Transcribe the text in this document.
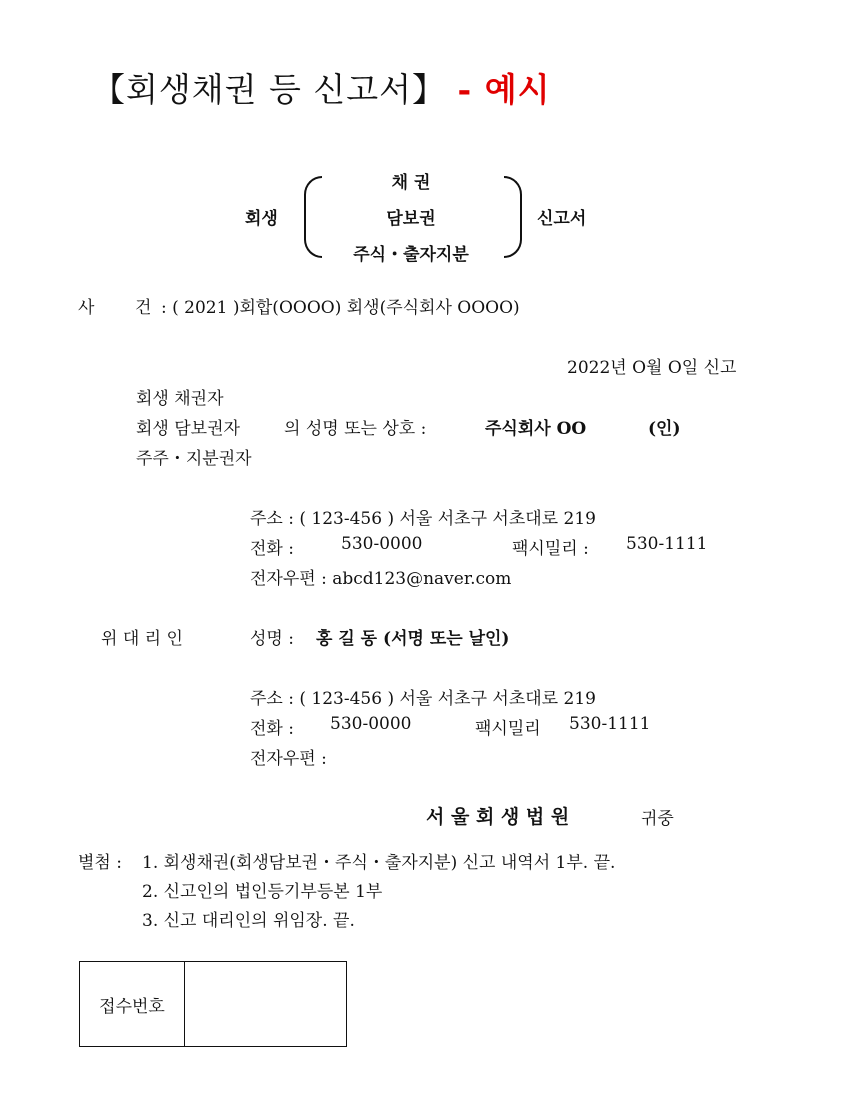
【회생채권 등 신고서】 - 예시
회생
채 권
담보권
주식・출자지분
신고서
사 건 : ( 2021 )회합(OOOO) 회생(주식회사 OOOO)
2022년 O월 O일 신고
회생 채권자
회생 담보권자	의 성명 또는 상호 :	주식회사 OO	(인)
주주・지분권자
주소 : ( 123-456 ) 서울 서초구 서초대로 219
전화 :	530-0000	팩시밀리 : 530-1111
전자우편 : abcd123@naver.com
위 대 리 인	성명 : 홍 길 동 (서명 또는 날인)
주소 : ( 123-456 ) 서울 서초구 서초대로 219
전화 : 530-0000	팩시밀리 530-1111
전자우편 :
서 울 회 생 법 원	귀중
별첨 : 1. 회생채권(회생담보권・주식・출자지분) 신고 내역서 1부. 끝.
2. 신고인의 법인등기부등본 1부
3. 신고 대리인의 위임장. 끝.
접수번호
